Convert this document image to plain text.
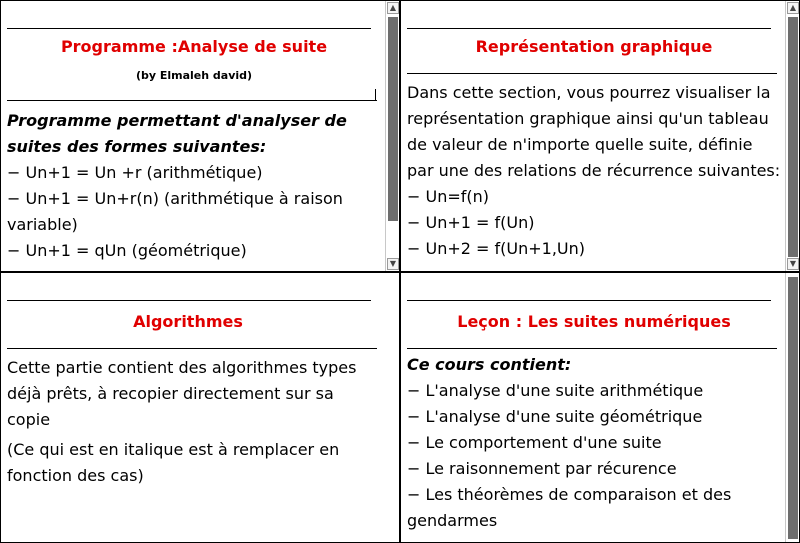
Programme :Analyse de suite
(by Elmaleh david)

Programme permettant d'analyser de suites des formes suivantes:

− Un+1 = Un +r (arithmétique)

− Un+1 = Un+r(n) (arithmétique à raison variable)

− Un+1 = qUn (géométrique)

▲
▼
Représentation graphique

Dans cette section, vous pourrez visualiser la représentation graphique ainsi qu'un tableau de valeur de n'importe quelle suite, définie par une des relations de récurrence suivantes:

− Un=f(n)

− Un+1 = f(Un)

− Un+2 = f(Un+1,Un)

▲
▼
Algorithmes

Cette partie contient des algorithmes types déjà prêts, à recopier directement sur sa copie

(Ce qui est en italique est à remplacer en fonction des cas)

Leçon : Les suites numériques

Ce cours contient:

− L'analyse d'une suite arithmétique

− L'analyse d'une suite géométrique

− Le comportement d'une suite

− Le raisonnement par récurence

− Les théorèmes de comparaison et des gendarmes
